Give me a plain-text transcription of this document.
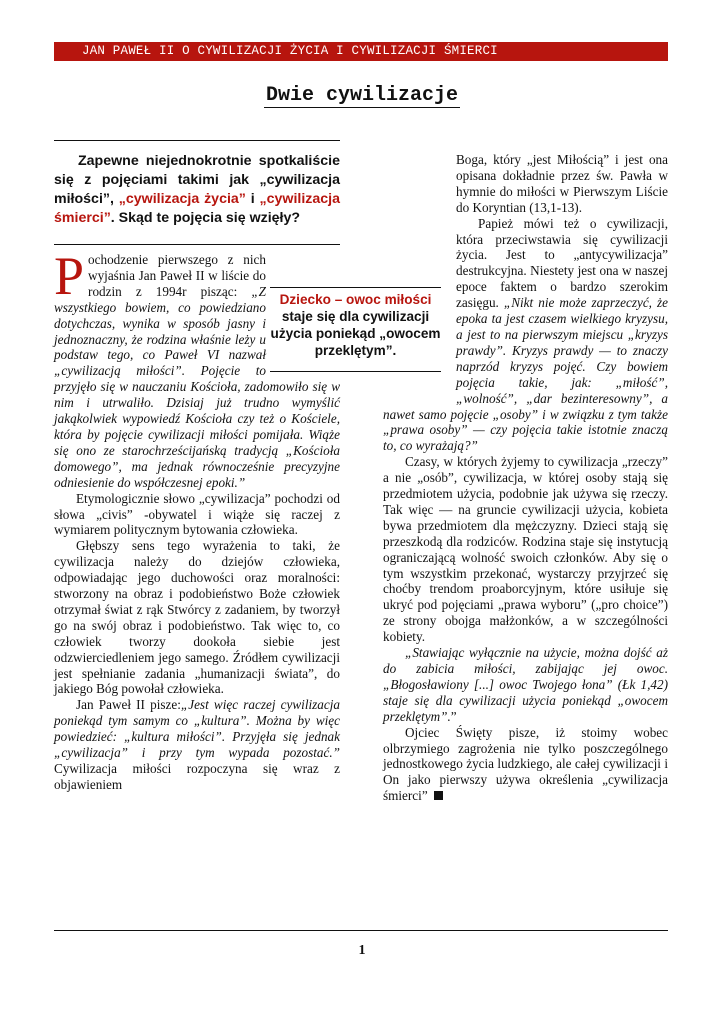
JAN PAWEŁ II O CYWILIZACJI ŻYCIA I CYWILIZACJI ŚMIERCI
Dwie cywilizacje
Zapewne niejednokrotnie spotkaliście się z pojęciami takimi jak „cywilizacja miłości”, „cywilizacja życia” i „cywilizacja śmierci”. Skąd te pojęcia się wzięły?

Pochodzenie pierwszego z nich wyjaśnia Jan Paweł II w liście do rodzin z 1994r pisząc: „Z wszystkiego bowiem, co powiedziano dotychczas, wynika w sposób jasny i jednoznaczny, że rodzina właśnie leży u podstaw tego, co Paweł VI nazwał „cywilizacją miłości”. Pojęcie to przyjęło się w nauczaniu Kościoła, zadomowiło się w nim i utrwaliło. Dzisiaj już trudno wymyślić jakąkolwiek wypowiedź Kościoła czy też o Kościele, która by pojęcie cywilizacji miłości pomijała. Wiąże się ono ze starochrześcijańską tradycją „Kościoła domowego”, ma jednak równocześnie precyzyjne odniesienie do współczesnej epoki.”

Etymologicznie słowo „cywilizacja” pochodzi od słowa „civis” -obywatel i wiąże się raczej z wymiarem politycznym bytowania człowieka.

Głębszy sens tego wyrażenia to taki, że cywilizacja należy do dziejów człowieka, odpowiadając jego duchowości oraz moralności: stworzony na obraz i podobieństwo Boże człowiek otrzymał świat z rąk Stwórcy z zadaniem, by tworzył go na swój obraz i podobieństwo. Tak więc to, co człowiek tworzy dookoła siebie jest odzwierciedleniem jego samego. Źródłem cywilizacji jest spełnianie zadania „humanizacji świata”, do jakiego Bóg powołał człowieka.

Jan Paweł II pisze:„Jest więc raczej cywilizacja poniekąd tym samym co „kultura”. Można by więc powiedzieć: „kultura miłości”. Przyjęła się jednak „cywilizacja” i przy tym wypada pozostać.” Cywilizacja miłości rozpoczyna się wraz z objawieniem

Dziecko – owoc miłości
staje się dla cywilizacji użycia poniekąd „owocem przeklętym”.

Boga, który „jest Miłością” i jest ona opisana dokładnie przez św. Pawła w hymnie do miłości w Pierwszym Liście do Koryntian (13,1-13).

Papież mówi też o cywilizacji, która przeciwstawia się cywilizacji życia. Jest to „antycywilizacja” destrukcyjna. Niestety jest ona w naszej epoce faktem o bardzo szerokim zasięgu. „Nikt nie może zaprzeczyć, że epoka ta jest czasem wielkiego kryzysu, a jest to na pierwszym miejscu „kryzys prawdy”. Kryzys prawdy — to znaczy naprzód kryzys pojęć. Czy bowiem pojęcia takie, jak: „miłość”, „wolność”, „dar bezinteresowny”, a nawet samo pojęcie „osoby” i w związku z tym także „prawa osoby” — czy pojęcia takie istotnie znaczą to, co wyrażają?”

Czasy, w których żyjemy to cywilizacja „rzeczy” a nie „osób”, cywilizacja, w której osoby stają się przedmiotem użycia, podobnie jak używa się rzeczy. Tak więc — na gruncie cywilizacji użycia, kobieta bywa przedmiotem dla mężczyzny. Dzieci stają się przeszkodą dla rodziców. Rodzina staje się instytucją ograniczającą wolność swoich członków. Aby się o tym wszystkim przekonać, wystarczy przyjrzeć się choćby trendom proaborcyjnym, które usiłuje się ukryć pod pojęciami „prawa wyboru” („pro choice”) ze strony obojga małżonków, a w szczególności kobiety.

„Stawiając wyłącznie na użycie, można dojść aż do zabicia miłości, zabijając jej owoc. „Błogosławiony [...] owoc Twojego łona” (Łk 1,42) staje się dla cywilizacji użycia poniekąd „owocem przeklętym”.”

Ojciec Święty pisze, iż stoimy wobec olbrzymiego zagrożenia nie tylko poszczególnego jednostkowego życia ludzkiego, ale całej cywilizacji i On jako pierwszy używa określenia „cywilizacja śmierci”

1
